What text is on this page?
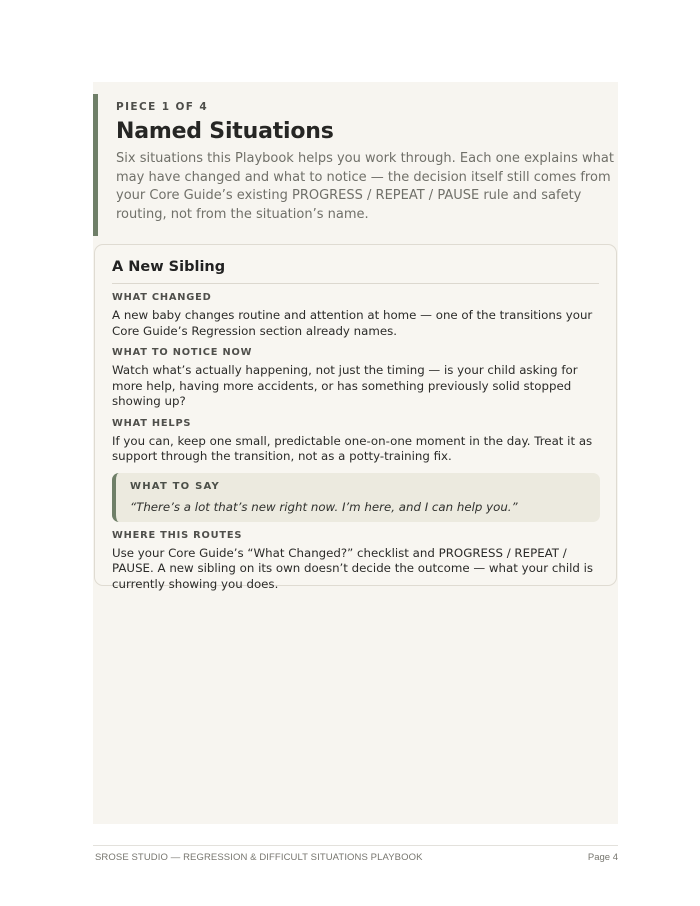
PIECE 1 OF 4
Named Situations
Six situations this Playbook helps you work through. Each one explains what may have changed and what to notice — the decision itself still comes from your Core Guide’s existing PROGRESS / REPEAT / PAUSE rule and safety routing, not from the situation’s name.
A New Sibling
WHAT CHANGED
A new baby changes routine and attention at home — one of the transitions your Core Guide’s Regression section already names.
WHAT TO NOTICE NOW
Watch what’s actually happening, not just the timing — is your child asking for more help, having more accidents, or has something previously solid stopped showing up?
WHAT HELPS
If you can, keep one small, predictable one-on-one moment in the day. Treat it as support through the transition, not as a potty-training fix.
WHAT TO SAY
“There’s a lot that’s new right now. I’m here, and I can help you.”
WHERE THIS ROUTES
Use your Core Guide’s “What Changed?” checklist and PROGRESS / REPEAT / PAUSE. A new sibling on its own doesn’t decide the outcome — what your child is currently showing you does.
SROSE STUDIO — REGRESSION & DIFFICULT SITUATIONS PLAYBOOK	Page 4
